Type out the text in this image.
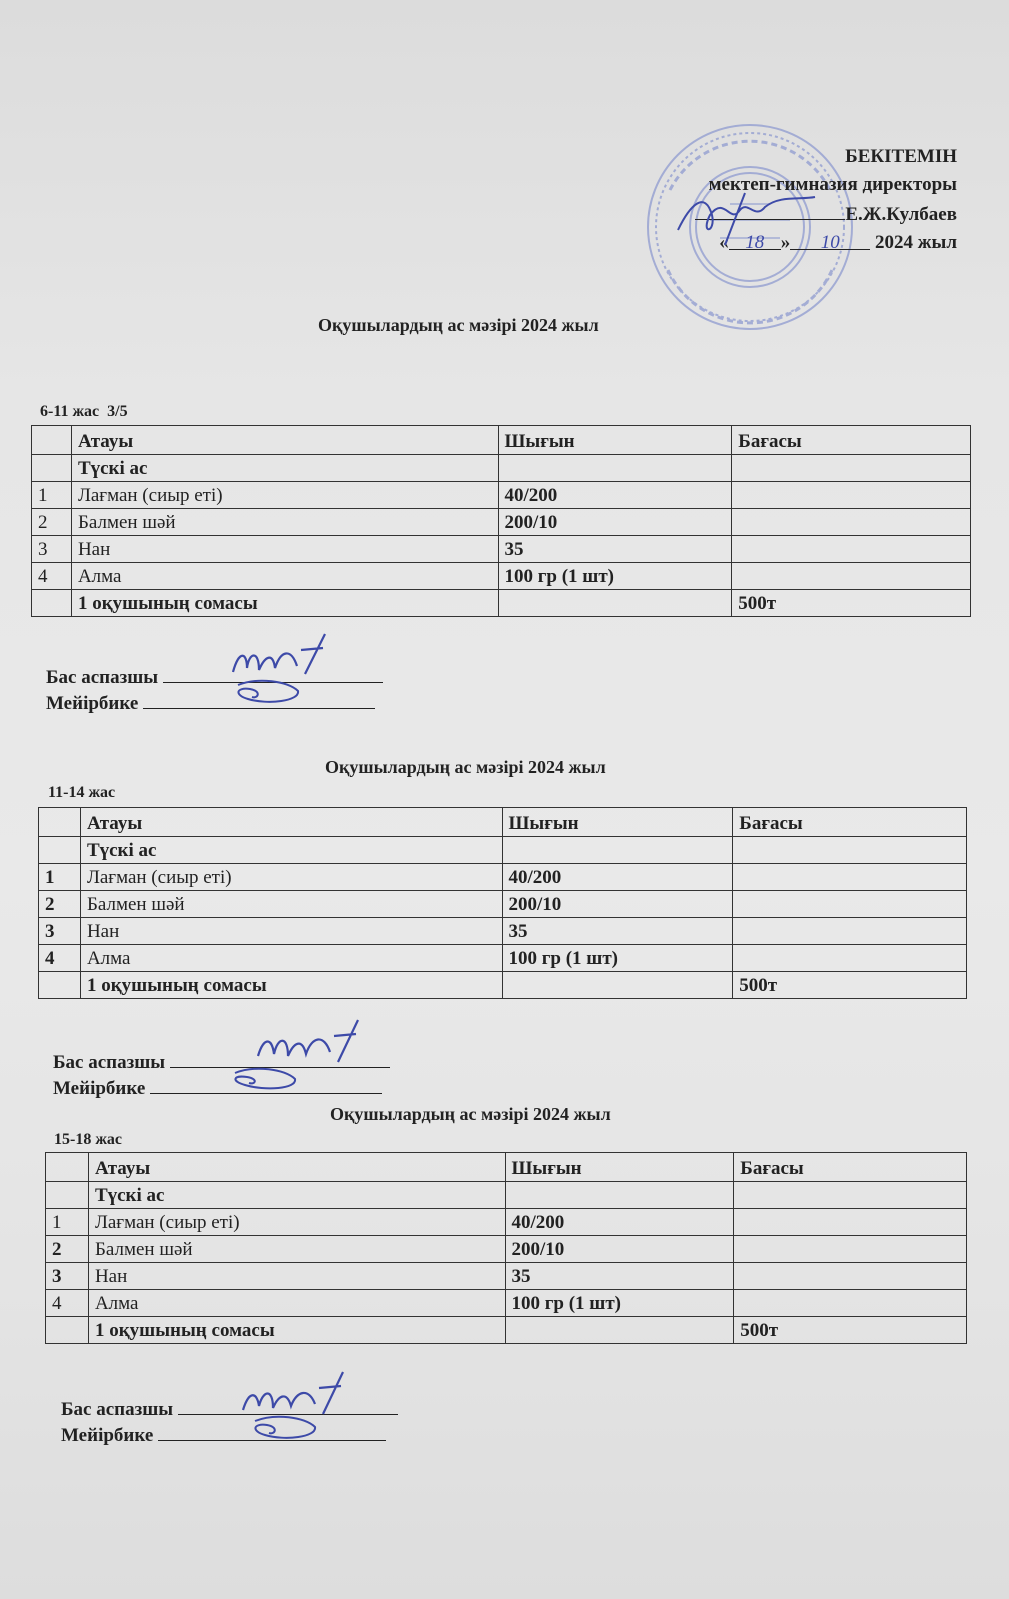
БЕКІТЕМІН
мектеп-гимназия директоры
Е.Ж.Кулбаев
« 18 » 10 2024 жыл
Оқушылардың ас мәзірі 2024 жыл
6-11 жас 3/5
	Атауы	Шығын	Бағасы
	Түскі ас		
1	Лағман (сиыр еті)	40/200	
2	Балмен шәй	200/10	
3	Нан	35	
4	Алма	100 гр (1 шт)	
	1 оқушының сомасы		500т
Бас аспазшы
Мейірбике
Оқушылардың ас мәзірі 2024 жыл
11-14 жас
	Атауы	Шығын	Бағасы
	Түскі ас		
1	Лағман (сиыр еті)	40/200	
2	Балмен шәй	200/10	
3	Нан	35	
4	Алма	100 гр (1 шт)	
	1 оқушының сомасы		500т
Бас аспазшы
Мейірбике
Оқушылардың ас мәзірі 2024 жыл
15-18 жас
	Атауы	Шығын	Бағасы
	Түскі ас		
1	Лағман (сиыр еті)	40/200	
2	Балмен шәй	200/10	
3	Нан	35	
4	Алма	100 гр (1 шт)	
	1 оқушының сомасы		500т
Бас аспазшы
Мейірбике
